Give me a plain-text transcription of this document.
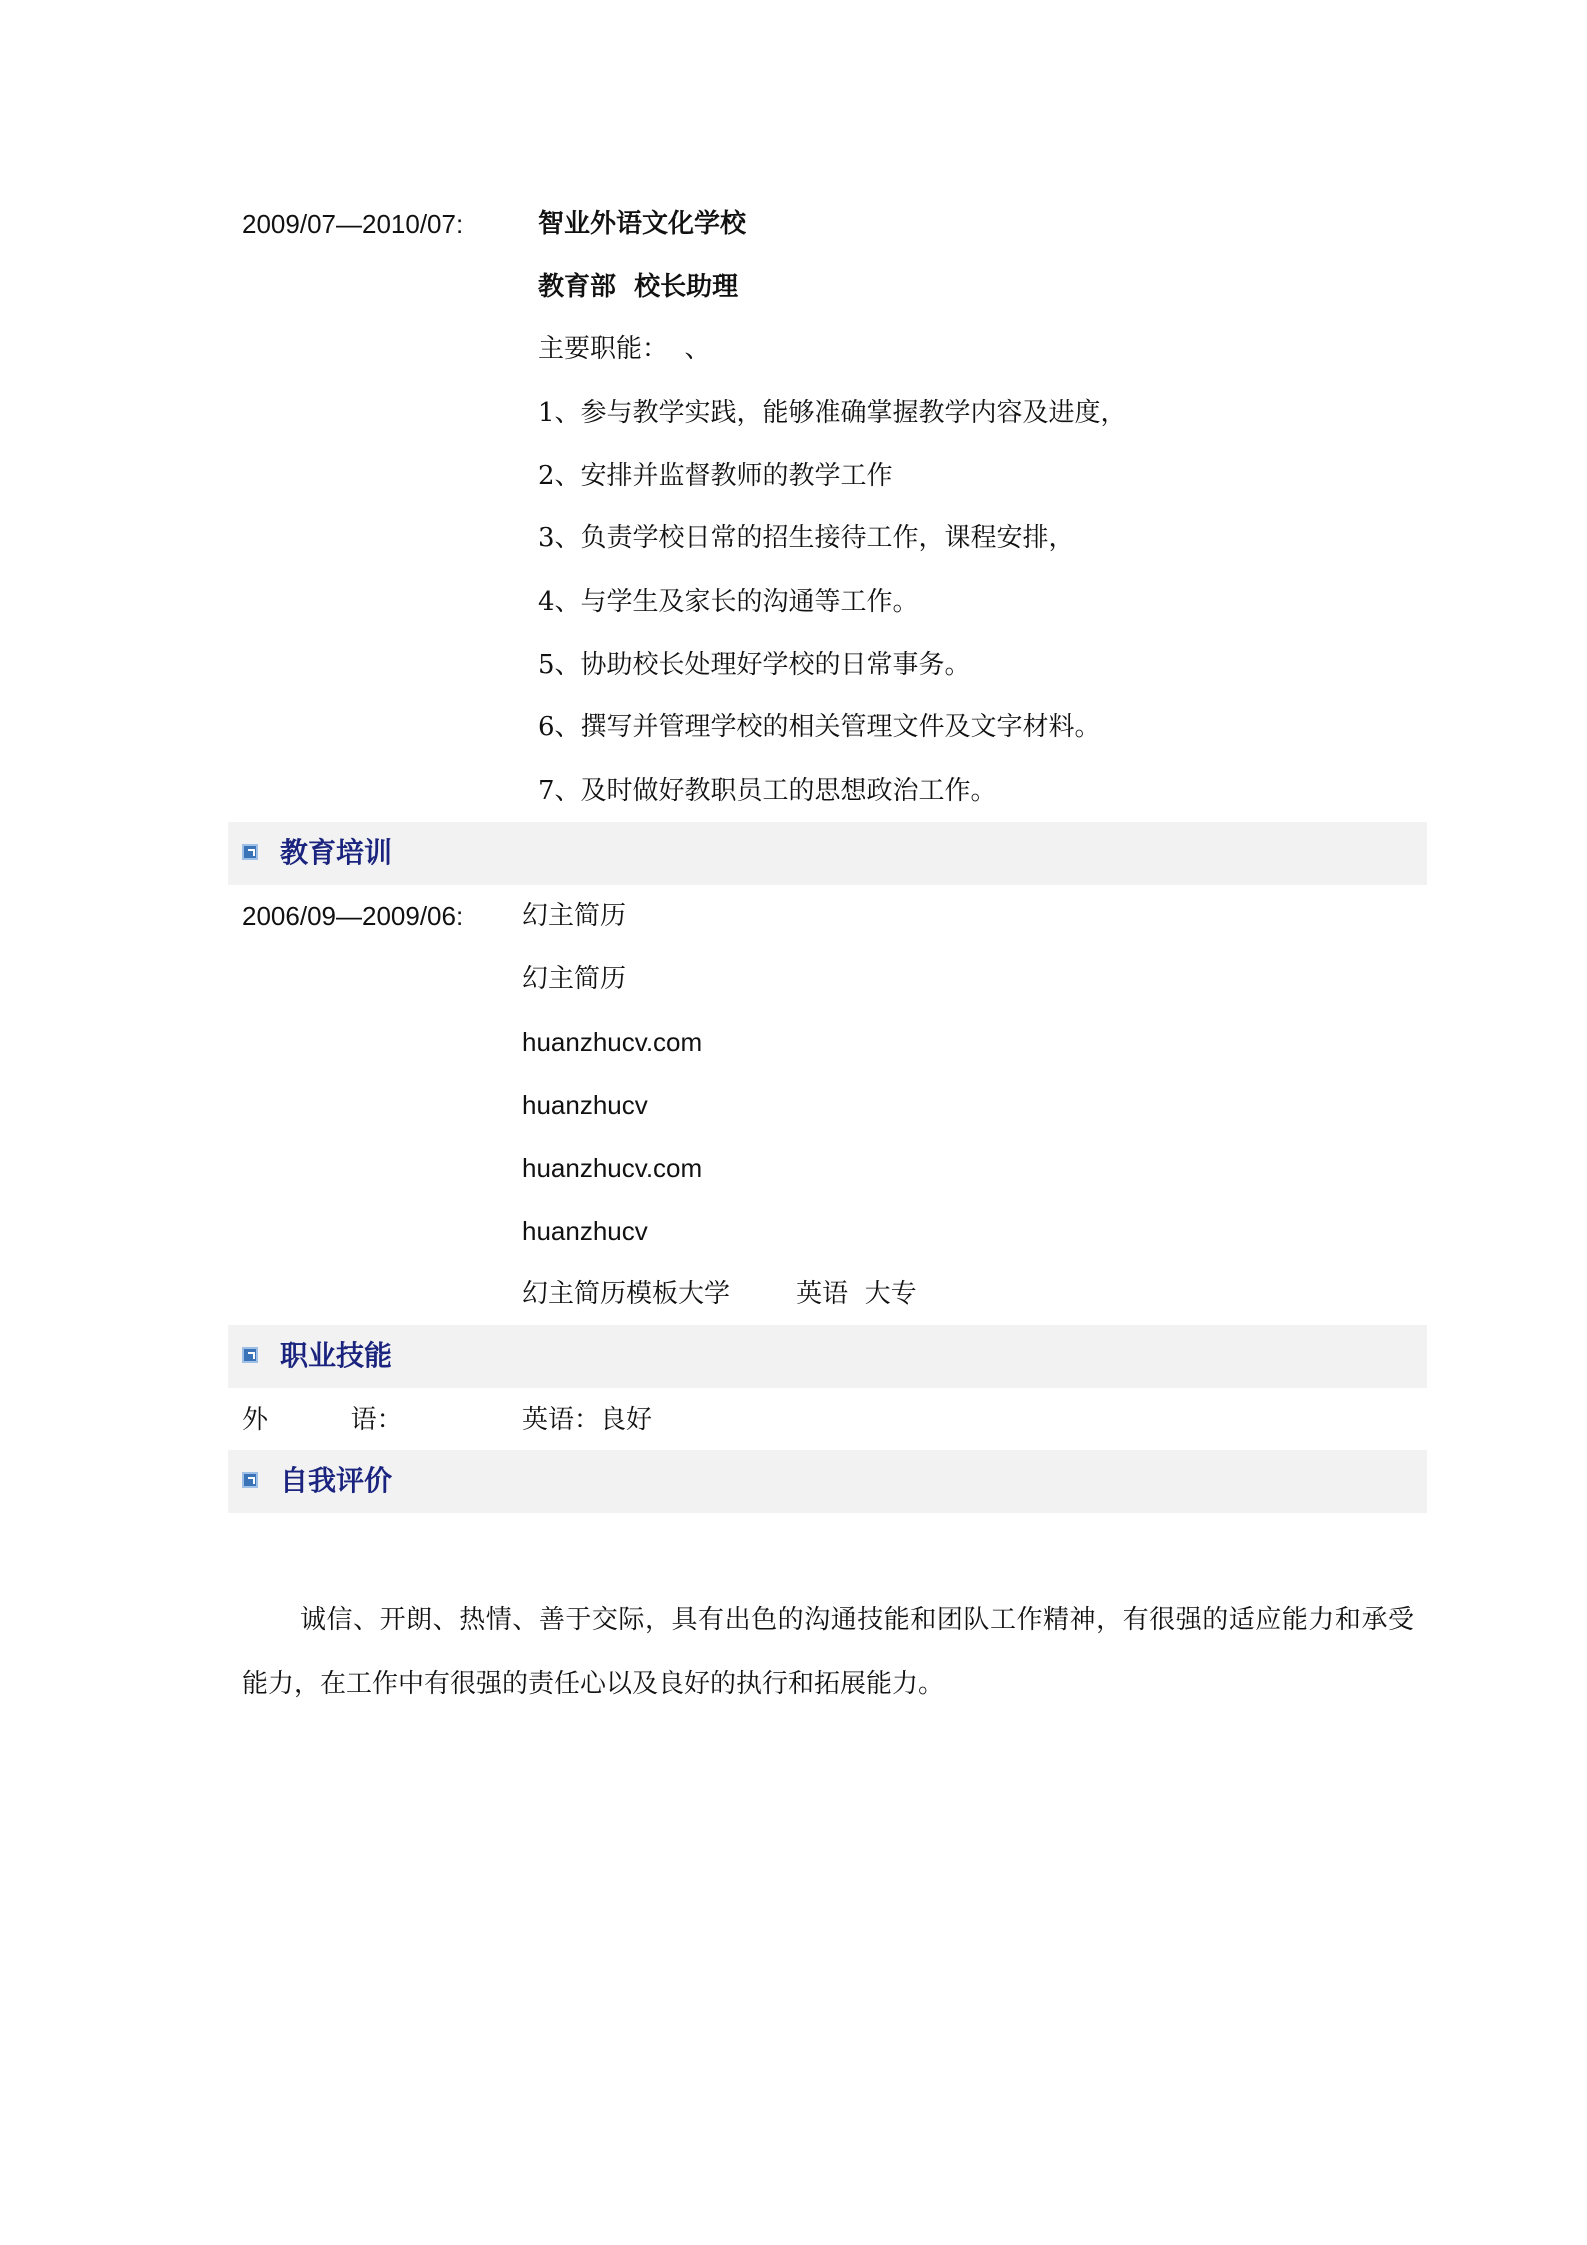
2009/07—2010/07:	智业外语文化学校
教育部  校长助理
主要职能：  、
1、参与教学实践，能够准确掌握教学内容及进度，
2、安排并监督教师的教学工作
3、负责学校日常的招生接待工作，课程安排，
4、与学生及家长的沟通等工作。
5、协助校长处理好学校的日常事务。
6、撰写并管理学校的相关管理文件及文字材料。
7、及时做好教职员工的思想政治工作。
教育培训
2006/09—2009/06: 幻主简历
幻主简历
huanzhucv.com
huanzhucv
huanzhucv.com
huanzhucv
幻主简历模板大学        英语  大专
职业技能
外          语：	英语：良好
自我评价
诚信、开朗、热情、善于交际，具有出色的沟通技能和团队工作精神，有很强的适应能力和承受能力，在工作中有很强的责任心以及良好的执行和拓展能力。
